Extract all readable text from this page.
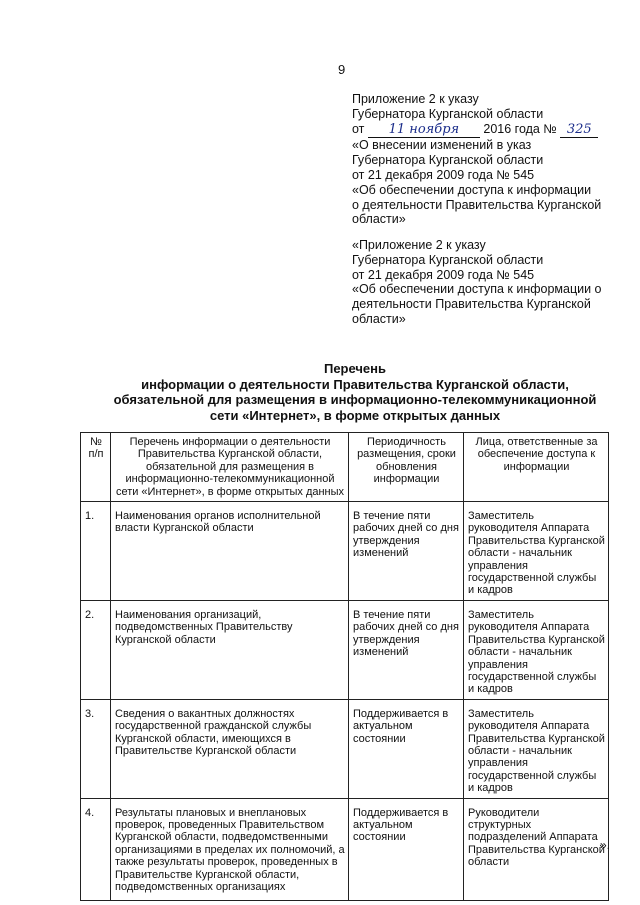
9
Приложение 2 к указу
Губернатора Курганской области
от 11 ноября 2016 года № 325
«О внесении изменений в указ
Губернатора Курганской области
от 21 декабря 2009 года № 545
«Об обеспечении доступа к информации
о деятельности Правительства Курганской
области»
«Приложение 2 к указу
Губернатора Курганской области
от 21 декабря 2009 года № 545
«Об обеспечении доступа к информации о
деятельности Правительства Курганской
области»
Перечень
информации о деятельности Правительства Курганской области,
обязательной для размещения в информационно-телекоммуникационной
сети «Интернет», в форме открытых данных
№ п/п	Перечень информации о деятельности Правительства Курганской области, обязательной для размещения в информационно-телекоммуникационной сети «Интернет», в форме открытых данных	Периодичность размещения, сроки обновления информации	Лица, ответственные за обеспечение доступа к информации
1.	Наименования органов исполнительной власти Курганской области	В течение пяти рабочих дней со дня утверждения изменений	Заместитель руководителя Аппарата Правительства Курганской области - начальник управления государственной службы и кадров
2.	Наименования организаций, подведомственных Правительству Курганской области	В течение пяти рабочих дней со дня утверждения изменений	Заместитель руководителя Аппарата Правительства Курганской области - начальник управления государственной службы и кадров
3.	Сведения о вакантных должностях государственной гражданской службы Курганской области, имеющихся в Правительстве Курганской области	Поддерживается в актуальном состоянии	Заместитель руководителя Аппарата Правительства Курганской области - начальник управления государственной службы и кадров
4.	Результаты плановых и внеплановых проверок, проведенных Правительством Курганской области, подведомственными организациями в пределах их полномочий, а также результаты проверок, проведенных в Правительстве Курганской области, подведомственных организациях	Поддерживается в актуальном состоянии	Руководители структурных подразделений Аппарата Правительства Курганской области
».
